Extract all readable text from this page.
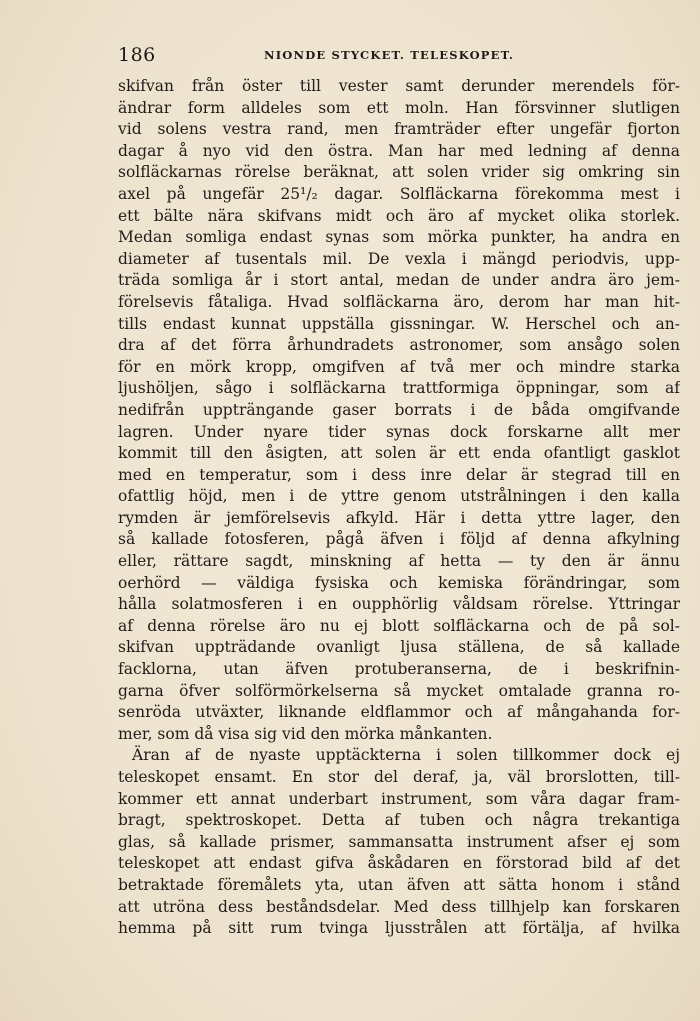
186	NIONDE STYCKET. TELESKOPET.
skifvan från öster till vester samt derunder merendels för-
ändrar form alldeles som ett moln. Han försvinner slutligen
vid solens vestra rand, men framträder efter ungefär fjorton
dagar å nyo vid den östra. Man har med ledning af denna
solfläckarnas rörelse beräknat, att solen vrider sig omkring sin
axel på ungefär 25¹/₂ dagar. Solfläckarna förekomma mest i
ett bälte nära skifvans midt och äro af mycket olika storlek.
Medan somliga endast synas som mörka punkter, ha andra en
diameter af tusentals mil. De vexla i mängd periodvis, upp-
träda somliga år i stort antal, medan de under andra äro jem-
förelsevis fåtaliga. Hvad solfläckarna äro, derom har man hit-
tills endast kunnat uppställa gissningar. W. Herschel och an-
dra af det förra århundradets astronomer, som ansågo solen
för en mörk kropp, omgifven af två mer och mindre starka
ljushöljen, sågo i solfläckarna trattformiga öppningar, som af
nedifrån uppträngande gaser borrats i de båda omgifvande
lagren. Under nyare tider synas dock forskarne allt mer
kommit till den åsigten, att solen är ett enda ofantligt gasklot
med en temperatur, som i dess inre delar är stegrad till en
ofattlig höjd, men i de yttre genom utstrålningen i den kalla
rymden är jemförelsevis afkyld. Här i detta yttre lager, den
så kallade fotosferen, pågå äfven i följd af denna afkylning
eller, rättare sagdt, minskning af hetta — ty den är ännu
oerhörd — väldiga fysiska och kemiska förändringar, som
hålla solatmosferen i en oupphörlig våldsam rörelse. Yttringar
af denna rörelse äro nu ej blott solfläckarna och de på sol-
skifvan uppträdande ovanligt ljusa ställena, de så kallade
facklorna, utan äfven protuberanserna, de i beskrifnin-
garna öfver solförmörkelserna så mycket omtalade granna ro-
senröda utväxter, liknande eldflammor och af mångahanda for-
mer, som då visa sig vid den mörka månkanten.
Äran af de nyaste upptäckterna i solen tillkommer dock ej
teleskopet ensamt. En stor del deraf, ja, väl brorslotten, till-
kommer ett annat underbart instrument, som våra dagar fram-
bragt, spektroskopet. Detta af tuben och några trekantiga
glas, så kallade prismer, sammansatta instrument afser ej som
teleskopet att endast gifva åskådaren en förstorad bild af det
betraktade föremålets yta, utan äfven att sätta honom i stånd
att utröna dess beståndsdelar. Med dess tillhjelp kan forskaren
hemma på sitt rum tvinga ljusstrålen att förtälja, af hvilka
